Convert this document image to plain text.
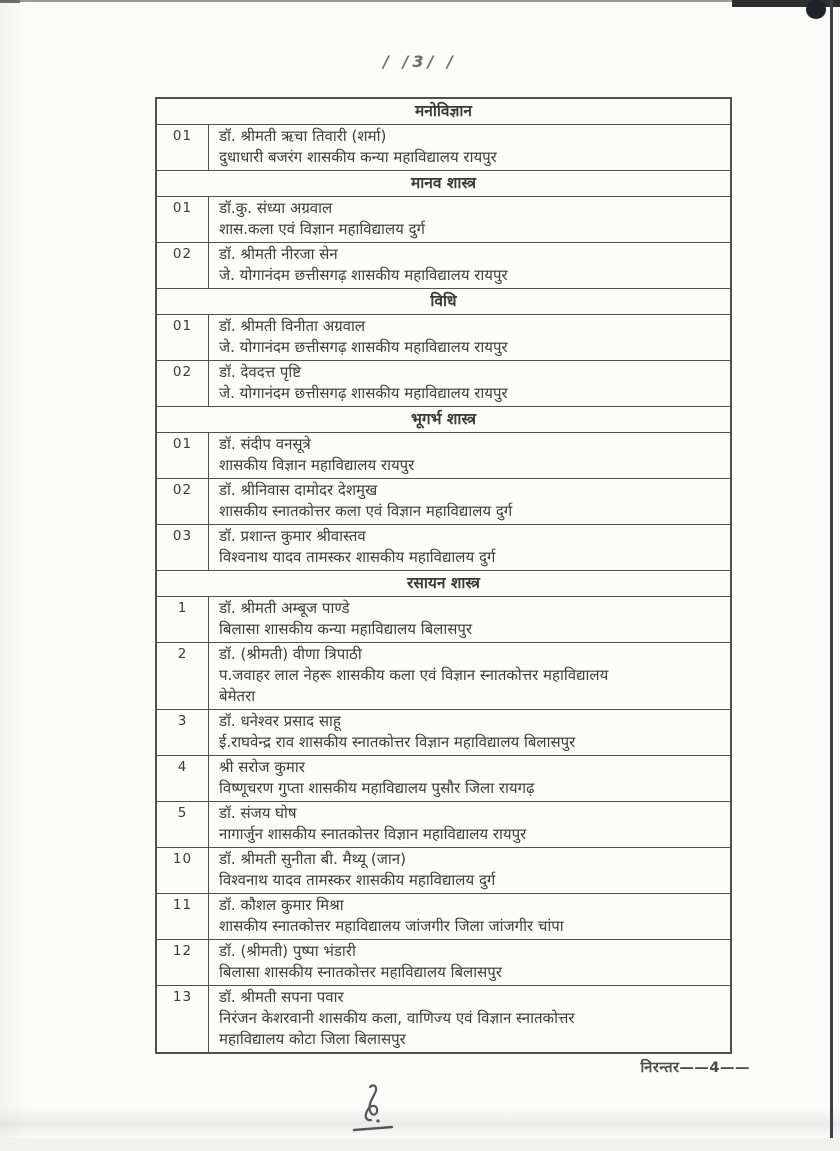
/ /3/ /
मनोविज्ञान
01	डॉ. श्रीमती ऋचा तिवारी (शर्मा)
दुधाधारी बजरंग शासकीय कन्या महाविद्यालय रायपुर
मानव शास्त्र
01	डॉ.कु. संध्या अग्रवाल
शास.कला एवं विज्ञान महाविद्यालय दुर्ग
02	डॉ. श्रीमती नीरजा सेन
जे. योगानंदम छत्तीसगढ़ शासकीय महाविद्यालय रायपुर
विधि
01	डॉ. श्रीमती विनीता अग्रवाल
जे. योगानंदम छत्तीसगढ़ शासकीय महाविद्यालय रायपुर
02	डॉ. देवदत्त पृष्टि
जे. योगानंदम छत्तीसगढ़ शासकीय महाविद्यालय रायपुर
भूगर्भ शास्त्र
01	डॉ. संदीप वनसूत्रे
शासकीय विज्ञान महाविद्यालय रायपुर
02	डॉ. श्रीनिवास दामोदर देशमुख
शासकीय स्नातकोत्तर कला एवं विज्ञान महाविद्यालय दुर्ग
03	डॉ. प्रशान्त कुमार श्रीवास्तव
विश्वनाथ यादव तामस्कर शासकीय महाविद्यालय दुर्ग
रसायन शास्त्र
1	डॉ. श्रीमती अम्बूज पाण्डे
बिलासा शासकीय कन्या महाविद्यालय बिलासपुर
2	डॉ. (श्रीमती) वीणा त्रिपाठी
प.जवाहर लाल नेहरू शासकीय कला एवं विज्ञान स्नातकोत्तर महाविद्यालय
बेमेतरा
3	डॉ. धनेश्वर प्रसाद साहू
ई.राघवेन्द्र राव शासकीय स्नातकोत्तर विज्ञान महाविद्यालय बिलासपुर
4	श्री सरोज कुमार
विष्णूचरण गुप्ता शासकीय महाविद्यालय पुसौर जिला रायगढ़
5	डॉ. संजय घोष
नागार्जुन शासकीय स्नातकोत्तर विज्ञान महाविद्यालय रायपुर
10	डॉ. श्रीमती सुनीता बी. मैथ्यू (जान)
विश्वनाथ यादव तामस्कर शासकीय महाविद्यालय दुर्ग
11	डॉ. कौशल कुमार मिश्रा
शासकीय स्नातकोत्तर महाविद्यालय जांजगीर जिला जांजगीर चांपा
12	डॉ. (श्रीमती) पुष्पा भंडारी
बिलासा शासकीय स्नातकोत्तर महाविद्यालय बिलासपुर
13	डॉ. श्रीमती सपना पवार
निरंजन केशरवानी शासकीय कला, वाणिज्य एवं विज्ञान स्नातकोत्तर
महाविद्यालय कोटा जिला बिलासपुर
निरन्तर——4——
